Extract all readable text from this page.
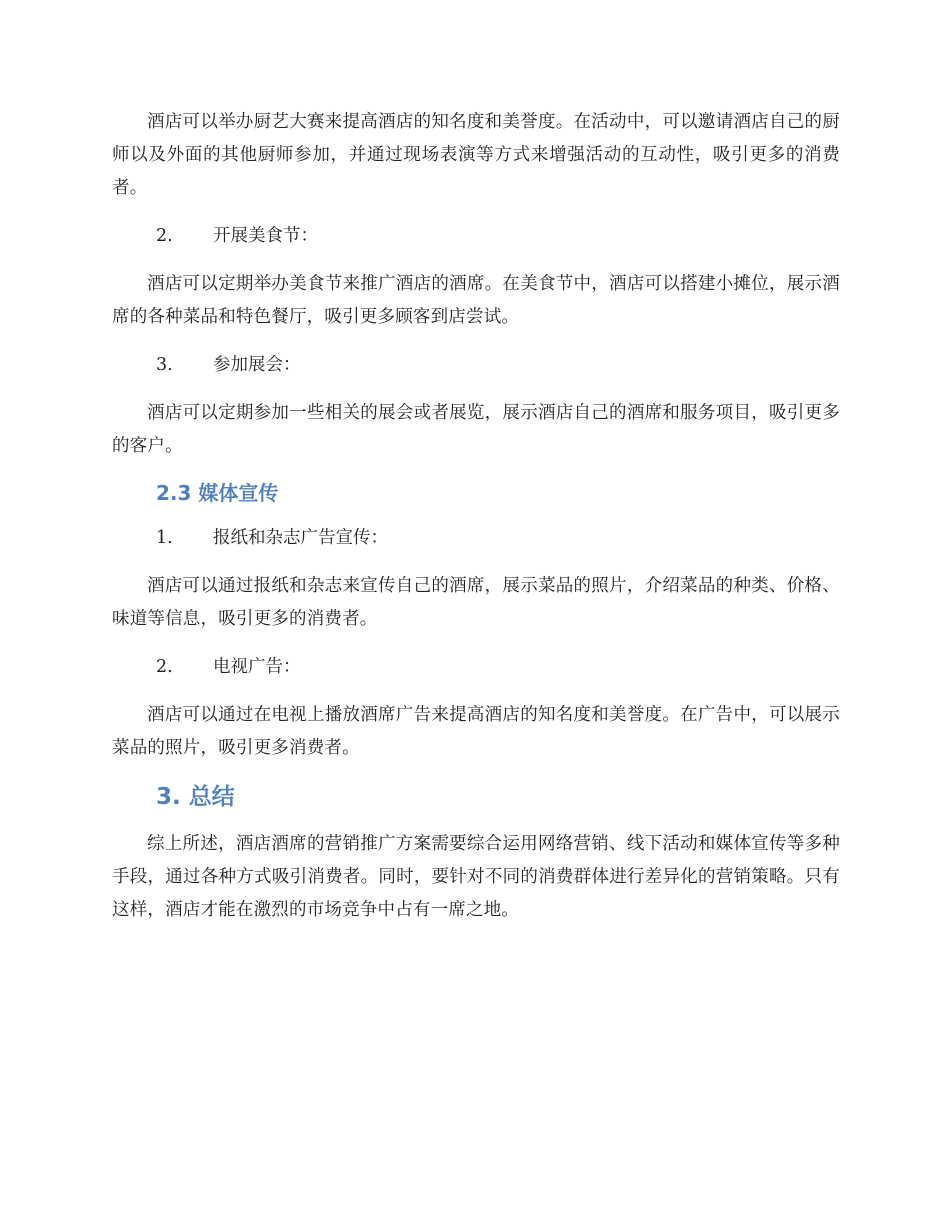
酒店可以举办厨艺大赛来提高酒店的知名度和美誉度。在活动中，可以邀请酒店自己的厨师以及外面的其他厨师参加，并通过现场表演等方式来增强活动的互动性，吸引更多的消费者。

2.	开展美食节：

酒店可以定期举办美食节来推广酒店的酒席。在美食节中，酒店可以搭建小摊位，展示酒席的各种菜品和特色餐厅，吸引更多顾客到店尝试。

3.	参加展会：

酒店可以定期参加一些相关的展会或者展览，展示酒店自己的酒席和服务项目，吸引更多的客户。

2.3 媒体宣传
1.	报纸和杂志广告宣传：

酒店可以通过报纸和杂志来宣传自己的酒席，展示菜品的照片，介绍菜品的种类、价格、味道等信息，吸引更多的消费者。

2.	电视广告：

酒店可以通过在电视上播放酒席广告来提高酒店的知名度和美誉度。在广告中，可以展示菜品的照片，吸引更多消费者。

3. 总结

综上所述，酒店酒席的营销推广方案需要综合运用网络营销、线下活动和媒体宣传等多种手段，通过各种方式吸引消费者。同时，要针对不同的消费群体进行差异化的营销策略。只有这样，酒店才能在激烈的市场竞争中占有一席之地。
